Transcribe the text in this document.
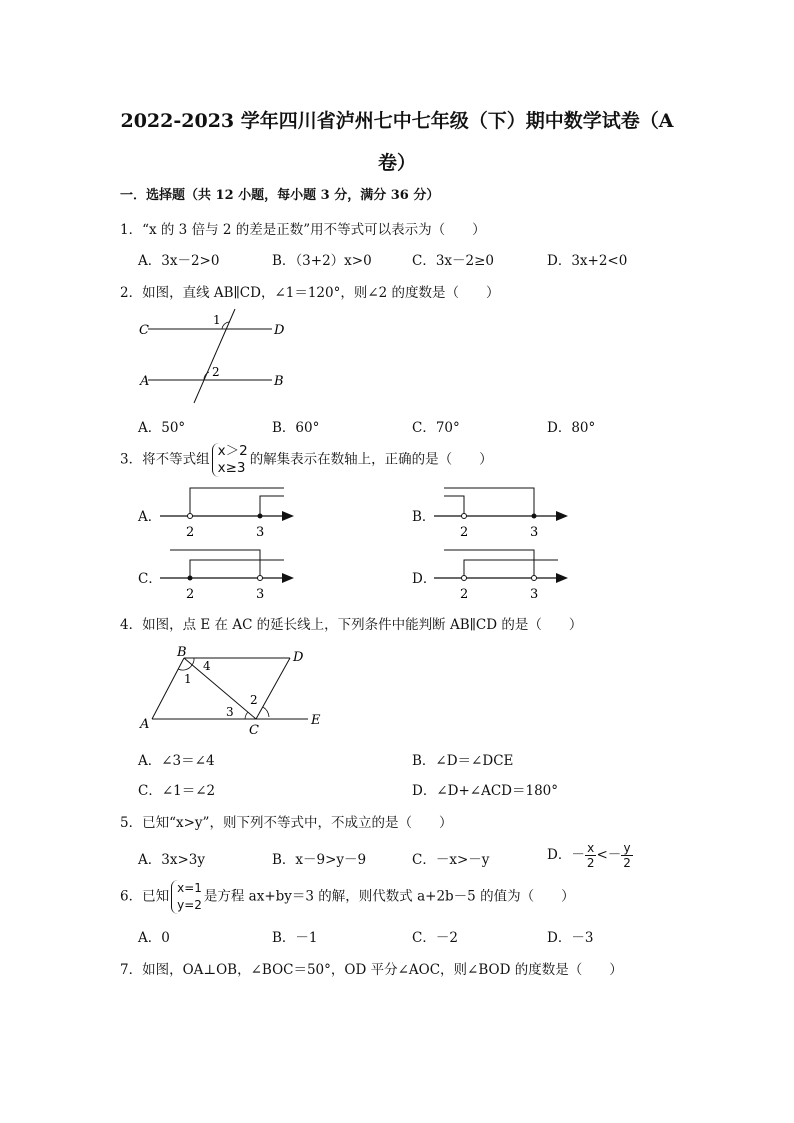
2022-2023 学年四川省泸州七中七年级（下）期中数学试卷（A
卷）
一．选择题（共 12 小题，每小题 3 分，满分 36 分）
1．“x 的 3 倍与 2 的差是正数”用不等式可以表示为（　　）
A．3x－2>0	B．（3+2）x>0	C．3x－2≥0	D．3x+2<0
2．如图，直线 AB∥CD，∠1＝120°，则∠2 的度数是（　　）
C	D
A	B
1
2
A．50°	B．60°	C．70°	D．80°
3．将不等式组
x＞2
x≥3
的解集表示在数轴上，正确的是（　　）
A．
2	3
B．
2	3
C．
2	3
D．
2	3
4．如图，点 E 在 AC 的延长线上，下列条件中能判断 AB∥CD 的是（　　）
B	D
A	C
E
1
2
3
4
A．∠3＝∠4	B．∠D＝∠DCE
C．∠1＝∠2	D．∠D+∠ACD＝180°
5．已知“x>y”，则下列不等式中，不成立的是（　　）
A．3x>3y	B．x－9>y－9	C．－x>－y	D．－ $\frac{x}{2} <- \frac{y}{2}$
6．已知
x=1
y=2
是方程 ax+by＝3 的解，则代数式 a+2b－5 的值为（　　）
A．0	B．－1	C．－2	D．－3
7．如图，OA⊥OB，∠BOC＝50°，OD 平分∠AOC，则∠BOD 的度数是（　　）
